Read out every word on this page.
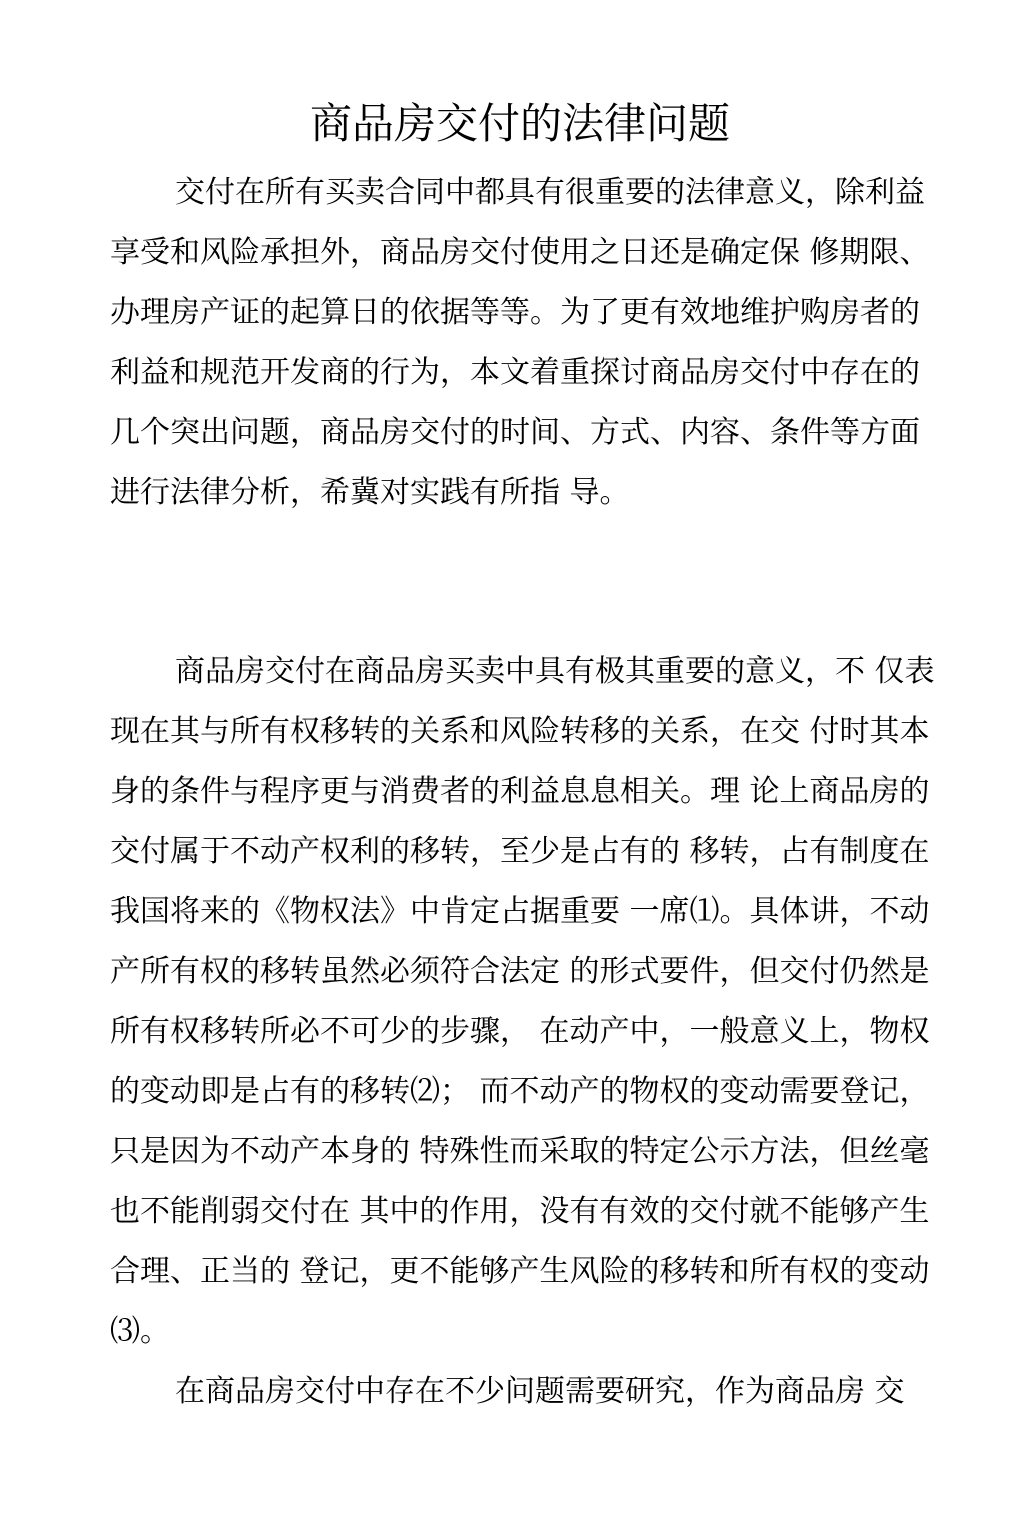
商品房交付的法律问题

交付在所有买卖合同中都具有很重要的法律意义，除利益

享受和风险承担外，商品房交付使用之日还是确定保 修期限、

办理房产证的起算日的依据等等。为了更有效地维护购房者的

利益和规范开发商的行为，本文着重探讨商品房交付中存在的

几个突出问题，商品房交付的时间、方式、内容、条件等方面

进行法律分析，希冀对实践有所指 导。

商品房交付在商品房买卖中具有极其重要的意义，不 仅表

现在其与所有权移转的关系和风险转移的关系，在交 付时其本

身的条件与程序更与消费者的利益息息相关。理 论上商品房的

交付属于不动产权利的移转，至少是占有的 移转，占有制度在

我国将来的《物权法》中肯定占据重要 一席⑴。具体讲，不动

产所有权的移转虽然必须符合法定 的形式要件，但交付仍然是

所有权移转所必不可少的步骤， 在动产中，一般意义上，物权

的变动即是占有的移转⑵； 而不动产的物权的变动需要登记，

只是因为不动产本身的 特殊性而采取的特定公示方法，但丝毫

也不能削弱交付在 其中的作用，没有有效的交付就不能够产生

合理、正当的 登记，更不能够产生风险的移转和所有权的变动

⑶。

在商品房交付中存在不少问题需要研究，作为商品房 交
